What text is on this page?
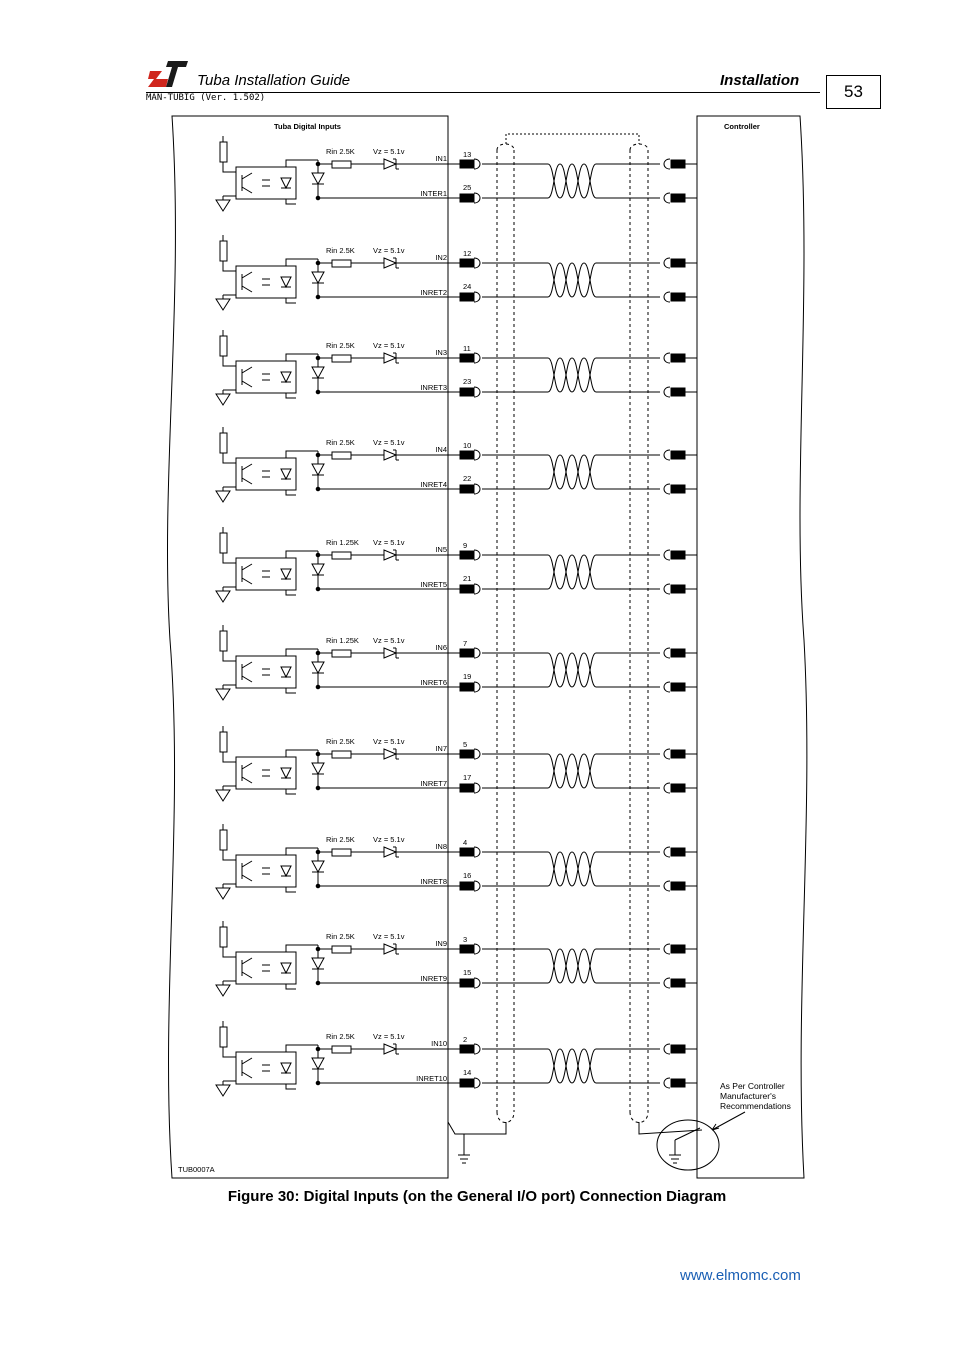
Tuba Installation Guide	Installation
MAN-TUBIG (Ver. 1.502)	53
Rin 2.5K Vz = 5.1v
IN1 13
INTER1
25
Rin 2.5K Vz = 5.1v
IN2 12
INRET2
24
Rin 2.5K Vz = 5.1v
IN3 11
INRET3
23
Rin 2.5K Vz = 5.1v
IN4 10
INRET4
22
Rin 1.25K Vz = 5.1v
IN5 9
INRET5
21
Rin 1.25K Vz = 5.1v
IN6 7
INRET6
19
Rin 2.5K Vz = 5.1v
IN7 5
INRET7
17
Rin 2.5K Vz = 5.1v
IN8 4
INRET8
16
Rin 2.5K Vz = 5.1v
IN9 3
INRET9
15
Rin 2.5K Vz = 5.1v
IN10 2
INRET10
14
Tuba Digital Inputs	Controller
TUB0007A
As Per Controller
Manufacturer's
Recommendations
Figure 30: Digital Inputs (on the General I/O port) Connection Diagram
www.elmomc.com
